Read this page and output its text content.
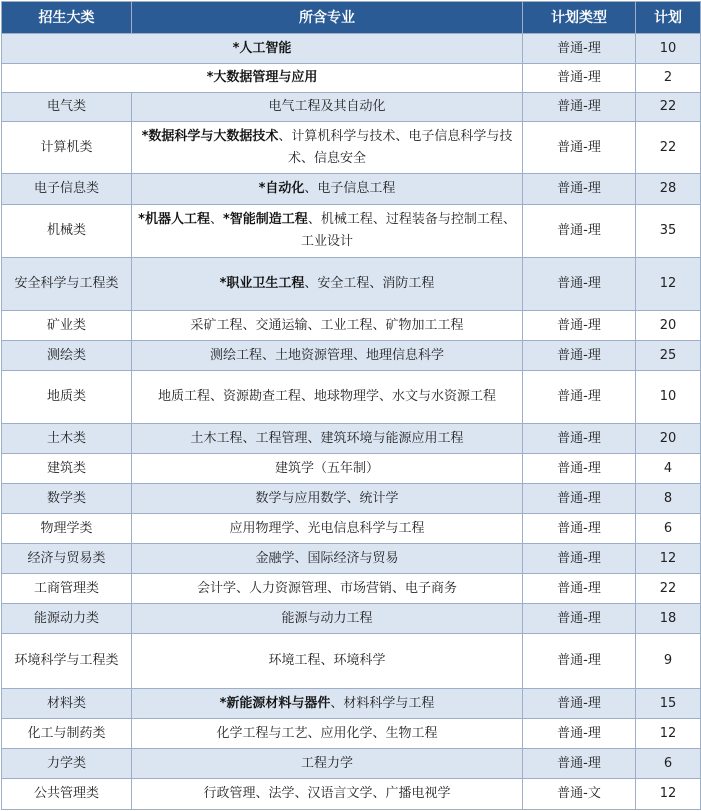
招生大类	所含专业	计划类型	计划
*人工智能		普通-理	10
*大数据管理与应用		普通-理	2
电气类	电气工程及其自动化	普通-理	22
计算机类	*数据科学与大数据技术、计算机科学与技术、电子信息科学与技术、信息安全	普通-理	22
电子信息类	*自动化、电子信息工程	普通-理	28
机械类	*机器人工程、*智能制造工程、机械工程、过程装备与控制工程、工业设计	普通-理	35
安全科学与工程类	*职业卫生工程、安全工程、消防工程	普通-理	12
矿业类	采矿工程、交通运输、工业工程、矿物加工工程	普通-理	20
测绘类	测绘工程、土地资源管理、地理信息科学	普通-理	25
地质类	地质工程、资源勘查工程、地球物理学、水文与水资源工程	普通-理	10
土木类	土木工程、工程管理、建筑环境与能源应用工程	普通-理	20
建筑类	建筑学（五年制）	普通-理	4
数学类	数学与应用数学、统计学	普通-理	8
物理学类	应用物理学、光电信息科学与工程	普通-理	6
经济与贸易类	金融学、国际经济与贸易	普通-理	12
工商管理类	会计学、人力资源管理、市场营销、电子商务	普通-理	22
能源动力类	能源与动力工程	普通-理	18
环境科学与工程类	环境工程、环境科学	普通-理	9
材料类	*新能源材料与器件、材料科学与工程	普通-理	15
化工与制药类	化学工程与工艺、应用化学、生物工程	普通-理	12
力学类	工程力学	普通-理	6
公共管理类	行政管理、法学、汉语言文学、广播电视学	普通-文	12
